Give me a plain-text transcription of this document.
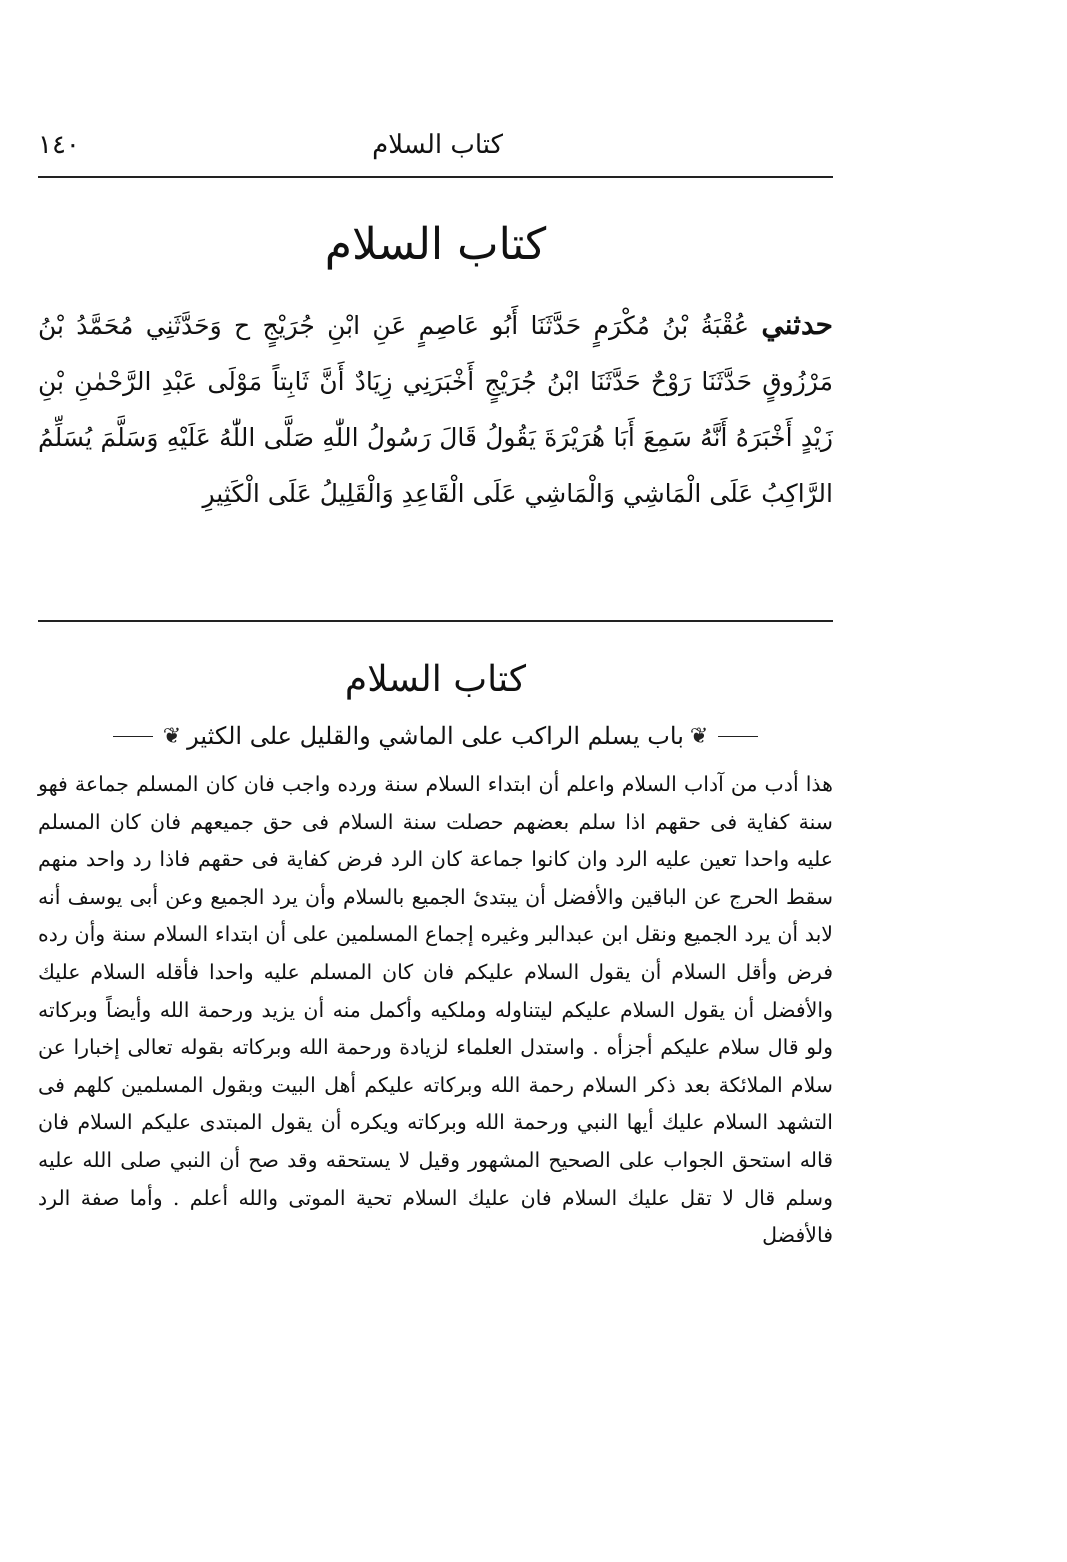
كتاب السلام
١٤٠
كتاب السلام

حدثني عُقْبَةُ بْنُ مُكْرَمٍ حَدَّثَنَا أَبُو عَاصِمٍ عَنِ ابْنِ جُرَيْجٍ ح وَحَدَّثَنِي مُحَمَّدُ بْنُ مَرْزُوقٍ حَدَّثَنَا رَوْحٌ حَدَّثَنَا ابْنُ جُرَيْجٍ أَخْبَرَنِي زِيَادٌ أَنَّ ثَابِتاً مَوْلَى عَبْدِ الرَّحْمٰنِ بْنِ زَيْدٍ أَخْبَرَهُ أَنَّهُ سَمِعَ أَبَا هُرَيْرَةَ يَقُولُ قَالَ رَسُولُ اللّٰهِ صَلَّى اللّٰهُ عَلَيْهِ وَسَلَّمَ يُسَلِّمُ الرَّاكِبُ عَلَى الْمَاشِي وَالْمَاشِي عَلَى الْقَاعِدِ وَالْقَلِيلُ عَلَى الْكَثِيرِ

كتاب السلام
❦
باب يسلم الراكب على الماشي والقليل على الكثير
❦

هذا أدب من آداب السلام واعلم أن ابتداء السلام سنة ورده واجب فان كان المسلم جماعة فهو سنة كفاية فى حقهم اذا سلم بعضهم حصلت سنة السلام فى حق جميعهم فان كان المسلم عليه واحدا تعين عليه الرد وان كانوا جماعة كان الرد فرض كفاية فى حقهم فاذا رد واحد منهم سقط الحرج عن الباقين والأفضل أن يبتدئ الجميع بالسلام وأن يرد الجميع وعن أبى يوسف أنه لابد أن يرد الجميع ونقل ابن عبدالبر وغيره إجماع المسلمين على أن ابتداء السلام سنة وأن رده فرض وأقل السلام أن يقول السلام عليكم فان كان المسلم عليه واحدا فأقله السلام عليك والأفضل أن يقول السلام عليكم ليتناوله وملكيه وأكمل منه أن يزيد ورحمة الله وأيضاً وبركاته ولو قال سلام عليكم أجزأه . واستدل العلماء لزيادة ورحمة الله وبركاته بقوله تعالى إخبارا عن سلام الملائكة بعد ذكر السلام رحمة الله وبركاته عليكم أهل البيت وبقول المسلمين كلهم فى التشهد السلام عليك أيها النبي ورحمة الله وبركاته ويكره أن يقول المبتدى عليكم السلام فان قاله استحق الجواب على الصحيح المشهور وقيل لا يستحقه وقد صح أن النبي صلى الله عليه وسلم قال لا تقل عليك السلام فان عليك السلام تحية الموتى والله أعلم . وأما صفة الرد فالأفضل
